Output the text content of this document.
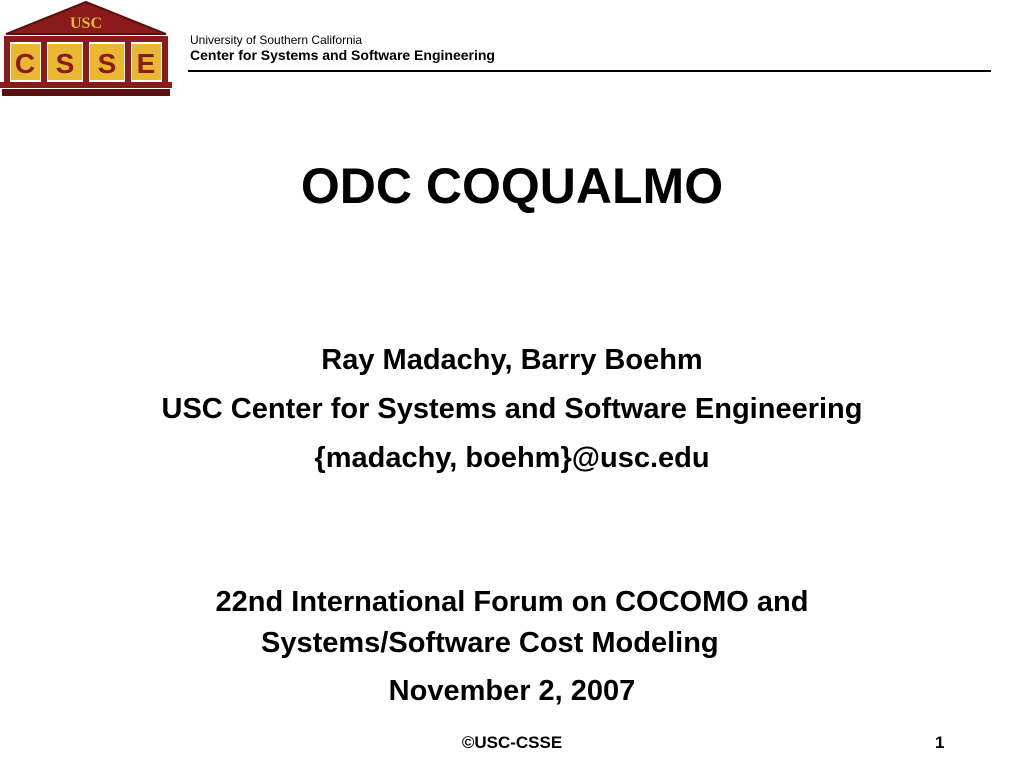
USC
C S S E
University of Southern California
Center for Systems and Software Engineering
ODC COQUALMO
Ray Madachy, Barry Boehm
USC Center for Systems and Software Engineering
{madachy, boehm}@usc.edu
22nd International Forum on COCOMO and
Systems/Software Cost Modeling
November 2, 2007
©USC-CSSE	1
